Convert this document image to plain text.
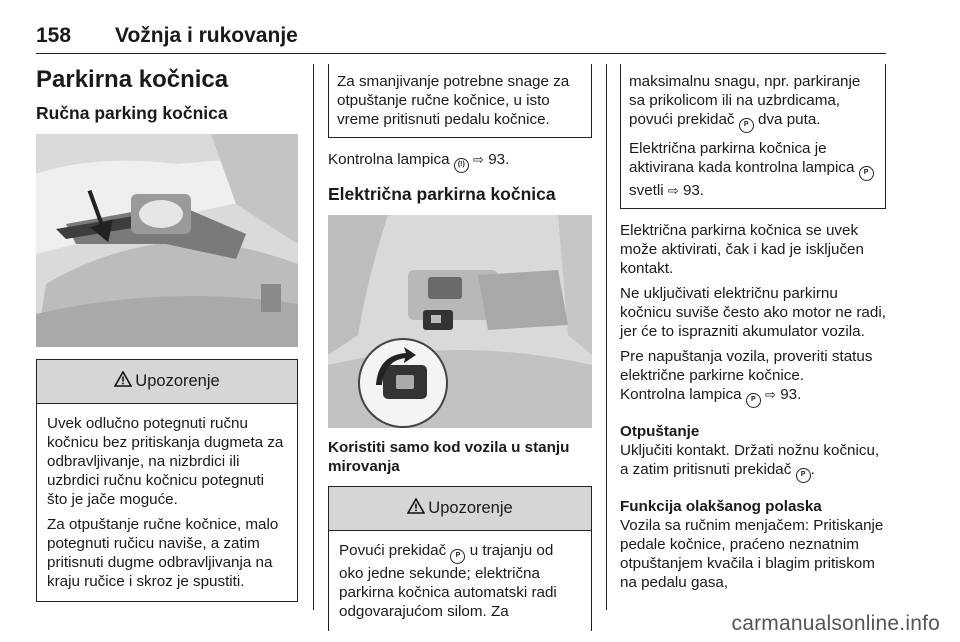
158 Vožnja i rukovanje
Parkirna kočnica
Ručna parking kočnica
Upozorenje

Uvek odlučno potegnuti ručnu kočnicu bez pritiskanja dugmeta za odbravljivanje, na nizbrdici ili uzbrdici ručnu kočnicu potegnuti što je jače moguće.

Za otpuštanje ručne kočnice, malo potegnuti ručicu naviše, a zatim pritisnuti dugme odbravljivanja na kraju ručice i skroz je spustiti.

Za smanjivanje potrebne snage za otpuštanje ručne kočnice, u isto vreme pritisnuti pedalu kočnice.

Kontrolna lampica (!) ⇨ 93.

Električna parkirna kočnica

Koristiti samo kod vozila u stanju mirovanja

Upozorenje

Povući prekidač P u trajanju od oko jedne sekunde; električna parkirna kočnica automatski radi odgovarajućom silom. Za

maksimalnu snagu, npr. parkiranje sa prikolicom ili na uzbrdicama, povući prekidač P dva puta.

Električna parkirna kočnica je aktivirana kada kontrolna lampica P svetli ⇨ 93.

Električna parkirna kočnica se uvek može aktivirati, čak i kad je isključen kontakt.

Ne uključivati električnu parkirnu kočnicu suviše često ako motor ne radi, jer će to isprazniti akumulator vozila.

Pre napuštanja vozila, proveriti status električne parkirne kočnice.
Kontrolna lampica P ⇨ 93.

Otpuštanje

Uključiti kontakt. Držati nožnu kočnicu, a zatim pritisnuti prekidač P .

Funkcija olakšanog polaska

Vozila sa ručnim menjačem: Pritiskanje pedale kočnice, praćeno neznatnim otpuštanjem kvačila i blagim pritiskom na pedalu gasa,

carmanualsonline.info
